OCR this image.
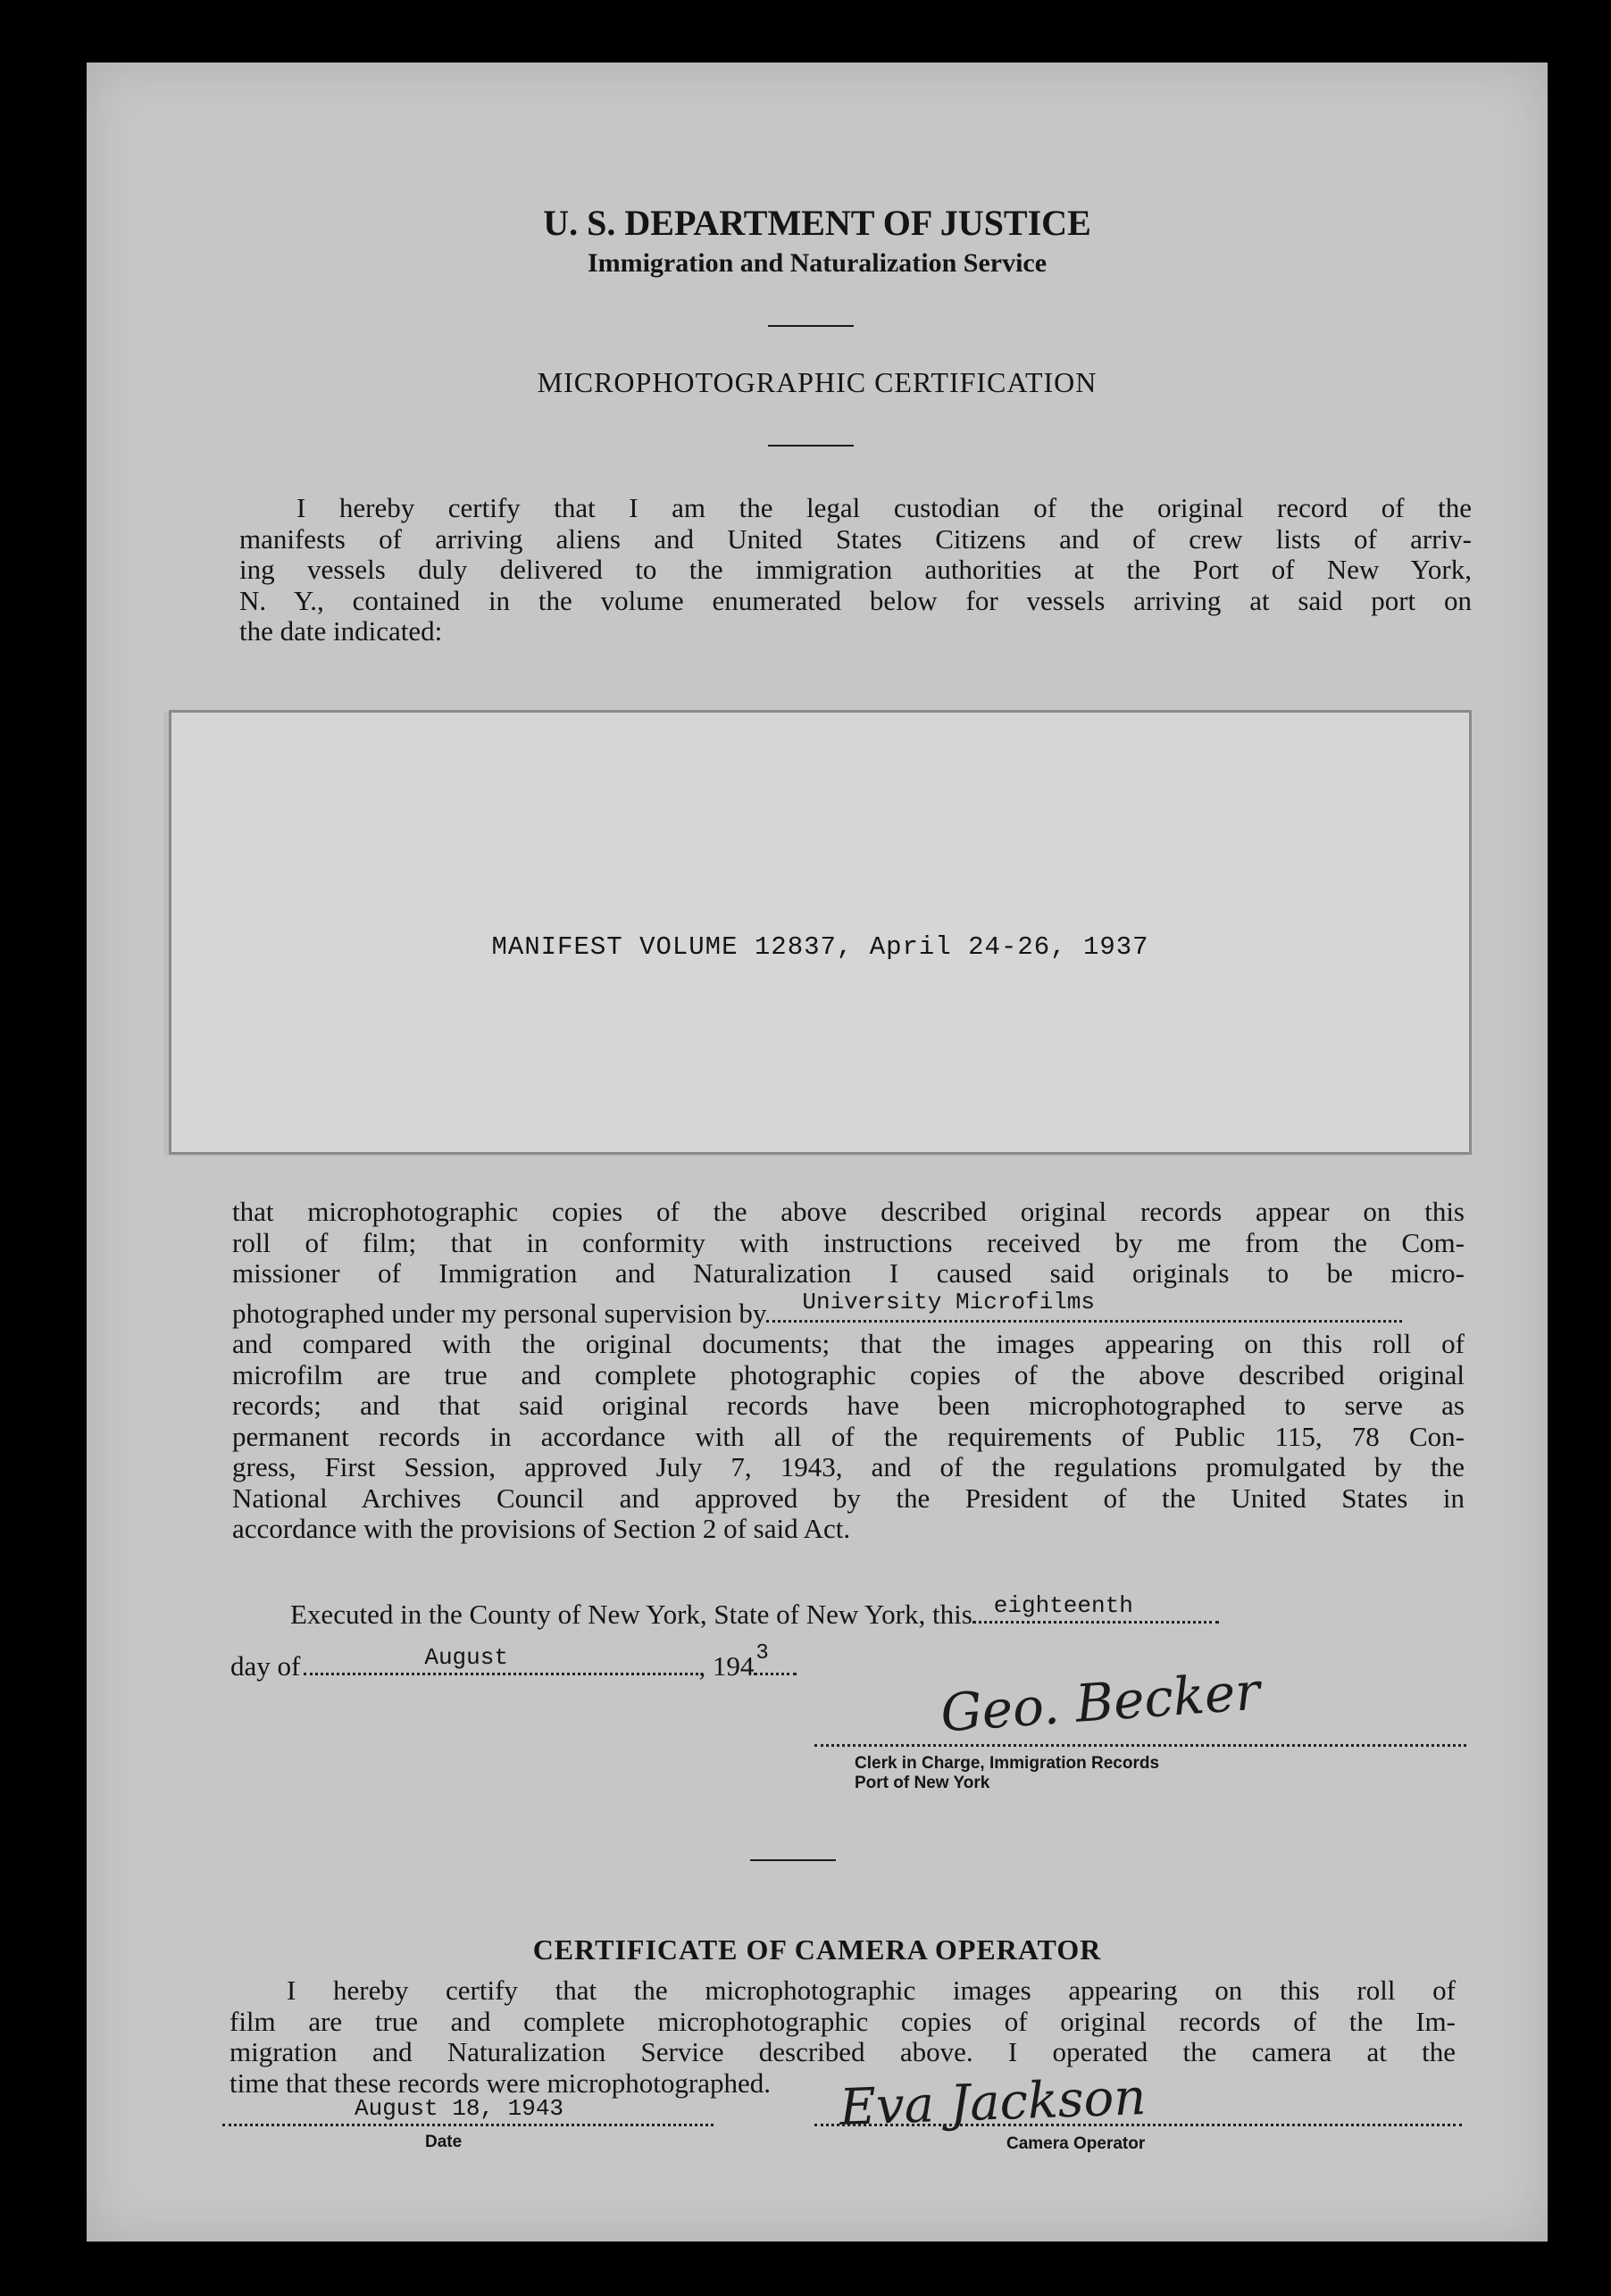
U. S. DEPARTMENT OF JUSTICE
Immigration and Naturalization Service
MICROPHOTOGRAPHIC CERTIFICATION
I hereby certify that I am the legal custodian of the original record of the
manifests of arriving aliens and United States Citizens and of crew lists of arriv-
ing vessels duly delivered to the immigration authorities at the Port of New York,
N. Y., contained in the volume enumerated below for vessels arriving at said port on
the date indicated:
MANIFEST VOLUME 12837, April 24-26, 1937
that microphotographic copies of the above described original records appear on this
roll of film; that in conformity with instructions received by me from the Com-
missioner of Immigration and Naturalization I caused said originals to be micro-
photographed under my personal supervision by University Microfilms
and compared with the original documents; that the images appearing on this roll of
microfilm are true and complete photographic copies of the above described original
records; and that said original records have been microphotographed to serve as
permanent records in accordance with all of the requirements of Public 115, 78 Con-
gress, First Session, approved July 7, 1943, and of the regulations promulgated by the
National Archives Council and approved by the President of the United States in
accordance with the provisions of Section 2 of said Act.
Executed in the County of New York, State of New York, this eighteenth
day of	August	, 194 3
Geo. Becker
Clerk in Charge, Immigration Records
Port of New York
CERTIFICATE OF CAMERA OPERATOR
I hereby certify that the microphotographic images appearing on this roll of
film are true and complete microphotographic copies of original records of the Im-
migration and Naturalization Service described above. I operated the camera at the
time that these records were microphotographed.
August 18, 1943
Date
Eva Jackson
Camera Operator
